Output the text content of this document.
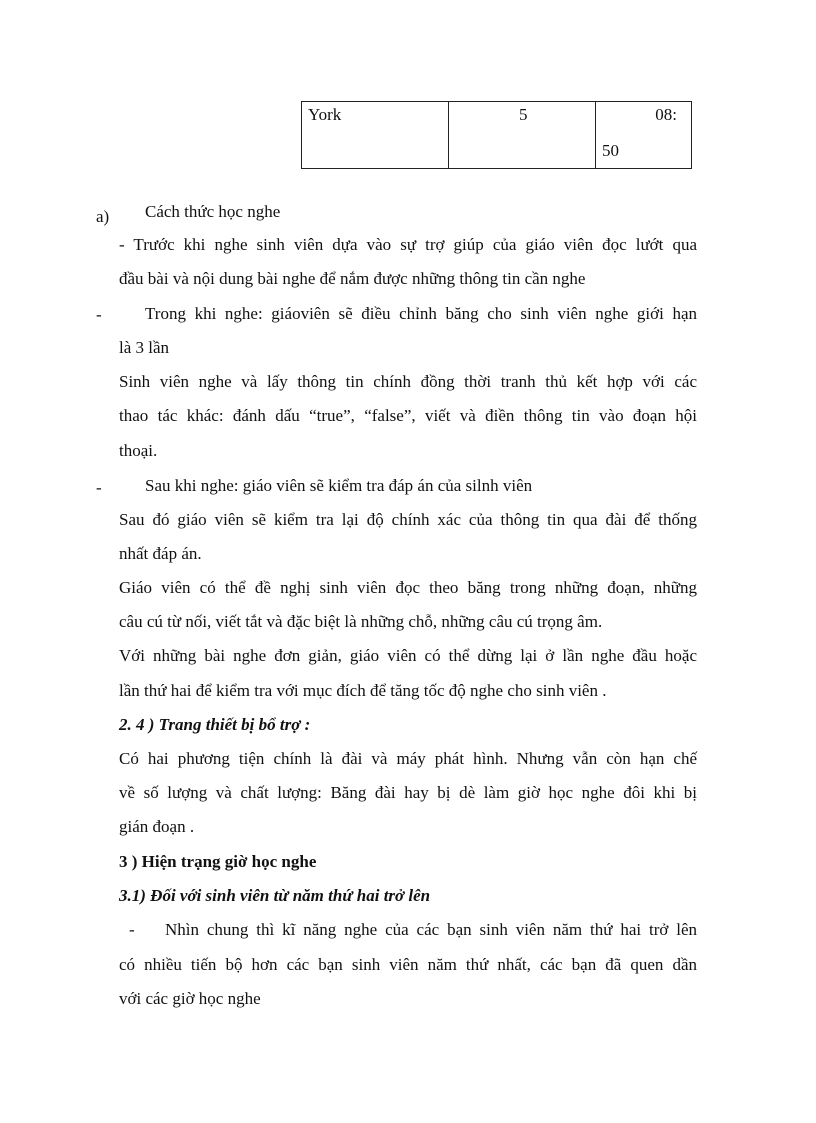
York	5	08:
50
a) Cách thức học nghe
- Trước khi nghe sinh viên dựa vào sự trợ giúp của giáo viên đọc lướt qua
đầu bài và nội dung bài nghe để nắm được những thông tin cần nghe
-	Trong khi nghe: giáoviên sẽ điều chỉnh băng cho sinh viên nghe giới hạn
là 3 lần
Sinh viên nghe và lấy thông tin chính đồng thời tranh thủ kết hợp với các
thao tác khác: đánh dấu “true”, “false”, viết và điền thông tin vào đoạn hội
thoại.
-	Sau khi nghe: giáo viên sẽ kiểm tra đáp án của silnh viên
Sau đó giáo viên sẽ kiểm tra lại độ chính xác của thông tin qua đài để thống
nhất đáp án.
Giáo viên có thể đề nghị sinh viên đọc theo băng trong những đoạn, những
câu cú từ nối, viết tắt và đặc biệt là những chỗ, những câu cú trọng âm.
Với những bài nghe đơn giản, giáo viên có thể dừng lại ở lần nghe đầu hoặc
lần thứ hai để kiểm tra với mục đích để tăng tốc độ nghe cho sinh viên .
2. 4 ) Trang thiết bị bổ trợ :
Có hai phương tiện chính là đài và máy phát hình. Nhưng vẫn còn hạn chế
về số lượng và chất lượng: Băng đài hay bị dè làm giờ học nghe đôi khi bị
gián đoạn .
3 ) Hiện trạng giờ học nghe
3.1) Đối với sinh viên từ năm thứ hai trở lên
- Nhìn chung thì kĩ năng nghe của các bạn sinh viên năm thứ hai trở lên
có nhiều tiến bộ hơn các bạn sinh viên năm thứ nhất, các bạn đã quen dần
với các giờ học nghe
